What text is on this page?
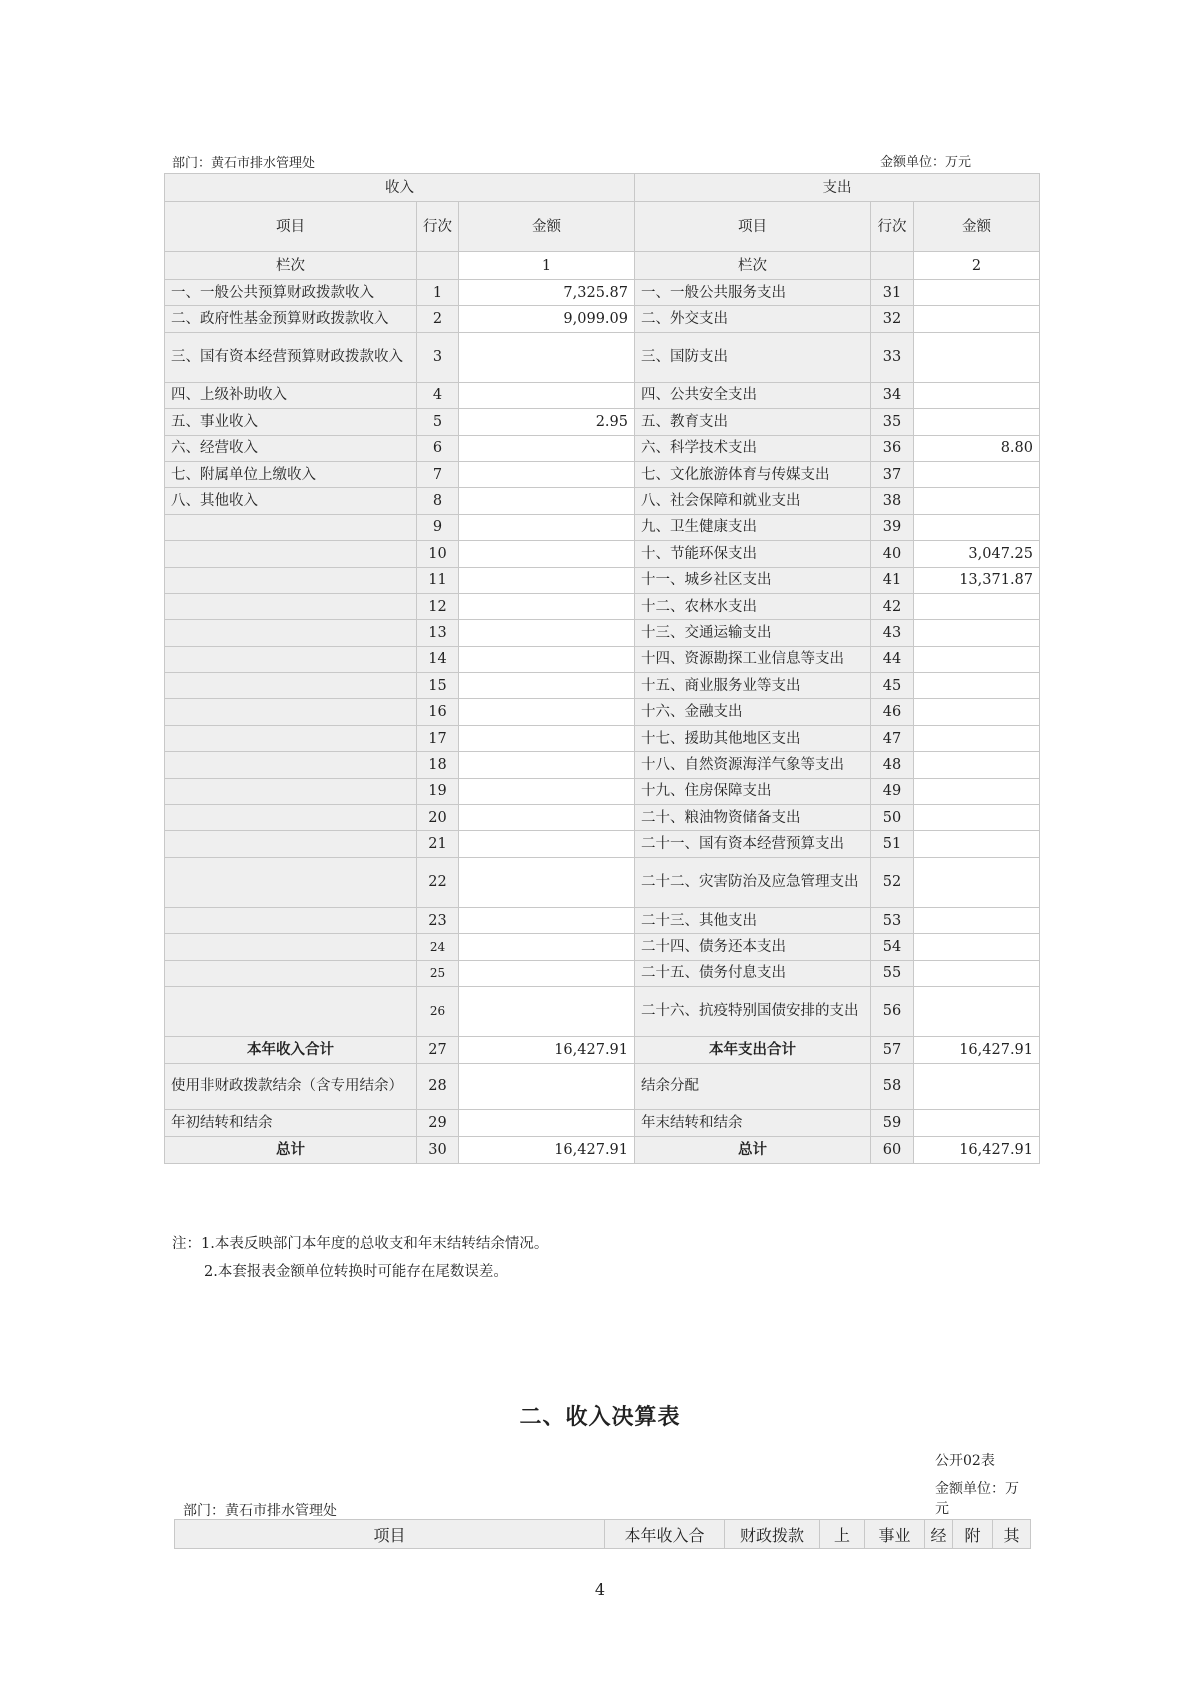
部门：黄石市排水管理处	金额单位：万元
收入			支出		
项目	行次	金额	项目	行次	金额
栏次		1	栏次		2
一、一般公共预算财政拨款收入	1	7,325.87	一、一般公共服务支出	31	
二、政府性基金预算财政拨款收入	2	9,099.09	二、外交支出	32	
三、国有资本经营预算财政拨款收入	3		三、国防支出	33	
四、上级补助收入	4		四、公共安全支出	34	
五、事业收入	5	2.95	五、教育支出	35	
六、经营收入	6		六、科学技术支出	36	8.80
七、附属单位上缴收入	7		七、文化旅游体育与传媒支出	37	
八、其他收入	8		八、社会保障和就业支出	38	
	9		九、卫生健康支出	39	
	10		十、节能环保支出	40	3,047.25
	11		十一、城乡社区支出	41	13,371.87
	12		十二、农林水支出	42	
	13		十三、交通运输支出	43	
	14		十四、资源勘探工业信息等支出	44	
	15		十五、商业服务业等支出	45	
	16		十六、金融支出	46	
	17		十七、援助其他地区支出	47	
	18		十八、自然资源海洋气象等支出	48	
	19		十九、住房保障支出	49	
	20		二十、粮油物资储备支出	50	
	21		二十一、国有资本经营预算支出	51	
	22		二十二、灾害防治及应急管理支出	52	
	23		二十三、其他支出	53	
	24		二十四、债务还本支出	54	
	25		二十五、债务付息支出	55	
	26		二十六、抗疫特别国债安排的支出	56	
本年收入合计	27	16,427.91	本年支出合计	57	16,427.91
使用非财政拨款结余（含专用结余）	28		结余分配	58	
年初结转和结余	29		年末结转和结余	59	
总计	30	16,427.91	总计	60	16,427.91
注：1.本表反映部门本年度的总收支和年末结转结余情况。
2.本套报表金额单位转换时可能存在尾数误差。
二、收入决算表
公开02表
金额单位：万
元
部门：黄石市排水管理处
项目	本年收入合	财政拨款	上	事业	经	附	其
4
